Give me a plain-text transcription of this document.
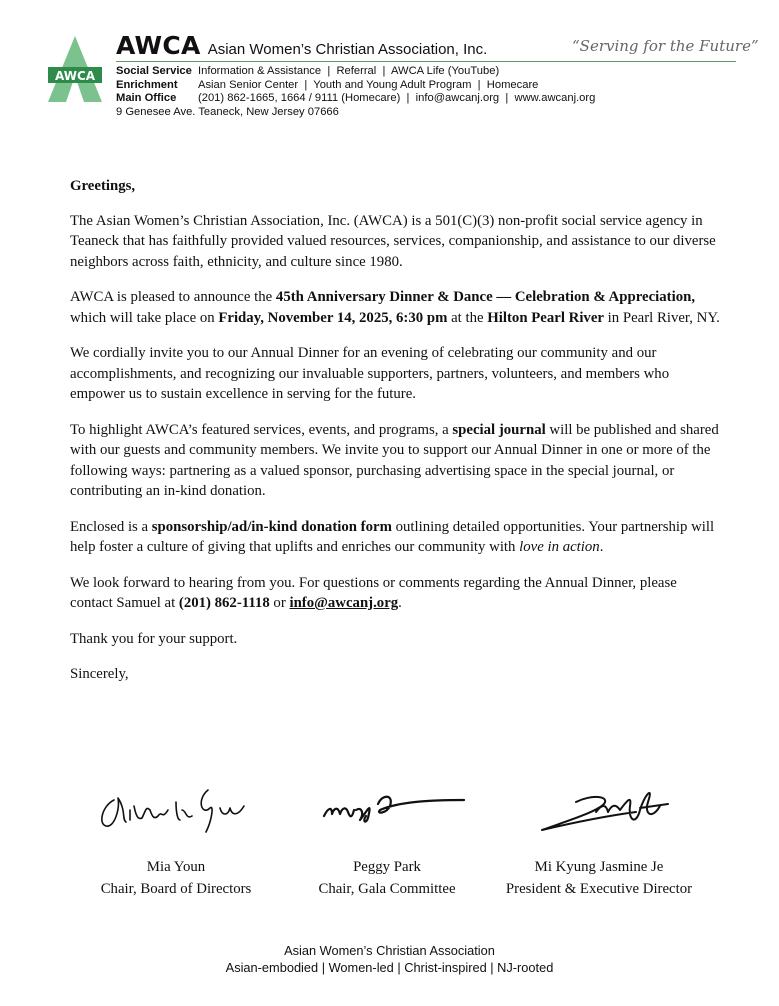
AWCA
AWCA Asian Women’s Christian Association, Inc.	“Serving for the Future”
Social Service Information & Assistance  |  Referral  |  AWCA Life (YouTube)
Enrichment Asian Senior Center  |  Youth and Young Adult Program  |  Homecare
Main Office (201) 862-1665, 1664 / 9111 (Homecare)  |  info@awcanj.org  |  www.awcanj.org
9 Genesee Ave. Teaneck, New Jersey 07666

Greetings,

The Asian Women’s Christian Association, Inc. (AWCA) is a 501(C)(3) non-profit social service agency in Teaneck that has faithfully provided valued resources, services, companionship, and assistance to our diverse neighbors across faith, ethnicity, and culture since 1980.

AWCA is pleased to announce the 45th Anniversary Dinner & Dance — Celebration & Appreciation, which will take place on Friday, November 14, 2025, 6:30 pm at the Hilton Pearl River in Pearl River, NY.

We cordially invite you to our Annual Dinner for an evening of celebrating our community and our accomplishments, and recognizing our invaluable supporters, partners, volunteers, and members who empower us to sustain excellence in serving for the future.

To highlight AWCA’s featured services, events, and programs, a special journal will be published and shared with our guests and community members. We invite you to support our Annual Dinner in one or more of the following ways: partnering as a valued sponsor, purchasing advertising space in the special journal, or contributing an in-kind donation.

Enclosed is a sponsorship/ad/in-kind donation form outlining detailed opportunities. Your partnership will help foster a culture of giving that uplifts and enriches our community with love in action.

We look forward to hearing from you. For questions or comments regarding the Annual Dinner, please contact Samuel at (201) 862-1118 or info@awcanj.org.

Thank you for your support.

Sincerely,

Mia Youn
Chair, Board of Directors
Peggy Park
Chair, Gala Committee
Mi Kyung Jasmine Je
President & Executive Director
Asian Women’s Christian Association
Asian-embodied | Women-led | Christ-inspired | NJ-rooted
